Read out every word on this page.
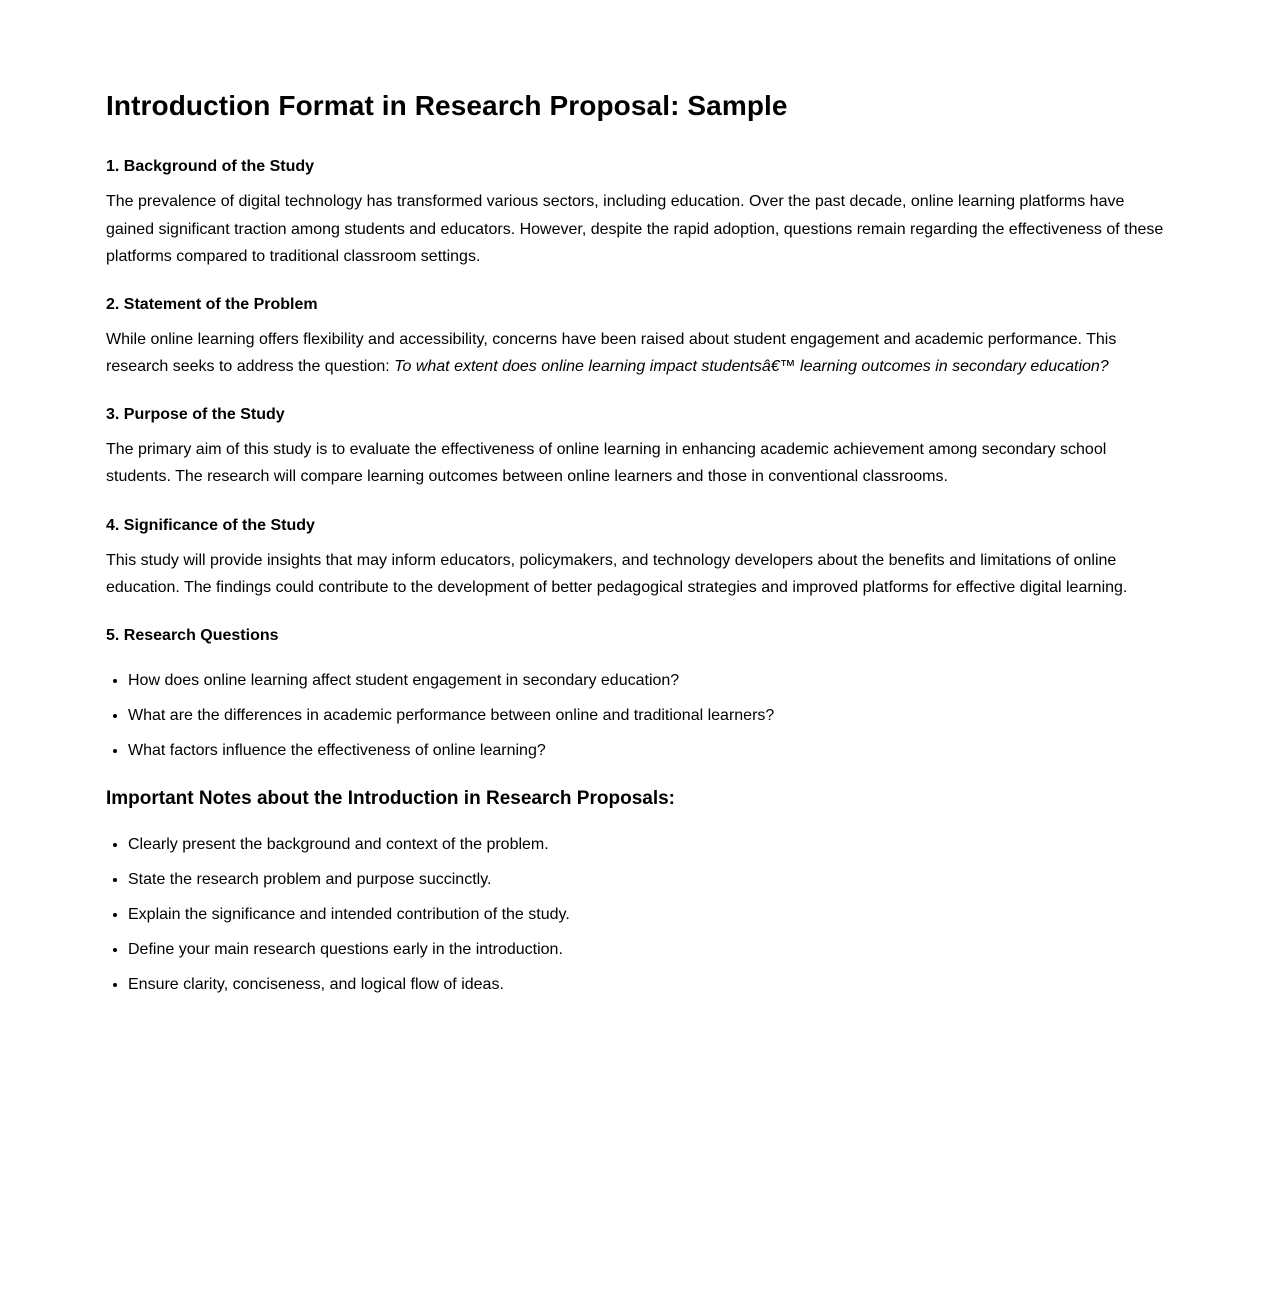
Introduction Format in Research Proposal: Sample
1. Background of the Study

The prevalence of digital technology has transformed various sectors, including education. Over the past decade, online learning platforms have gained significant traction among students and educators. However, despite the rapid adoption, questions remain regarding the effectiveness of these platforms compared to traditional classroom settings.

2. Statement of the Problem

While online learning offers flexibility and accessibility, concerns have been raised about student engagement and academic performance. This research seeks to address the question: To what extent does online learning impact studentsâ€™ learning outcomes in secondary education?

3. Purpose of the Study

The primary aim of this study is to evaluate the effectiveness of online learning in enhancing academic achievement among secondary school students. The research will compare learning outcomes between online learners and those in conventional classrooms.

4. Significance of the Study

This study will provide insights that may inform educators, policymakers, and technology developers about the benefits and limitations of online education. The findings could contribute to the development of better pedagogical strategies and improved platforms for effective digital learning.

5. Research Questions
• How does online learning affect student engagement in secondary education?
• What are the differences in academic performance between online and traditional learners?
• What factors influence the effectiveness of online learning?
Important Notes about the Introduction in Research Proposals:
• Clearly present the background and context of the problem.
• State the research problem and purpose succinctly.
• Explain the significance and intended contribution of the study.
• Define your main research questions early in the introduction.
• Ensure clarity, conciseness, and logical flow of ideas.
